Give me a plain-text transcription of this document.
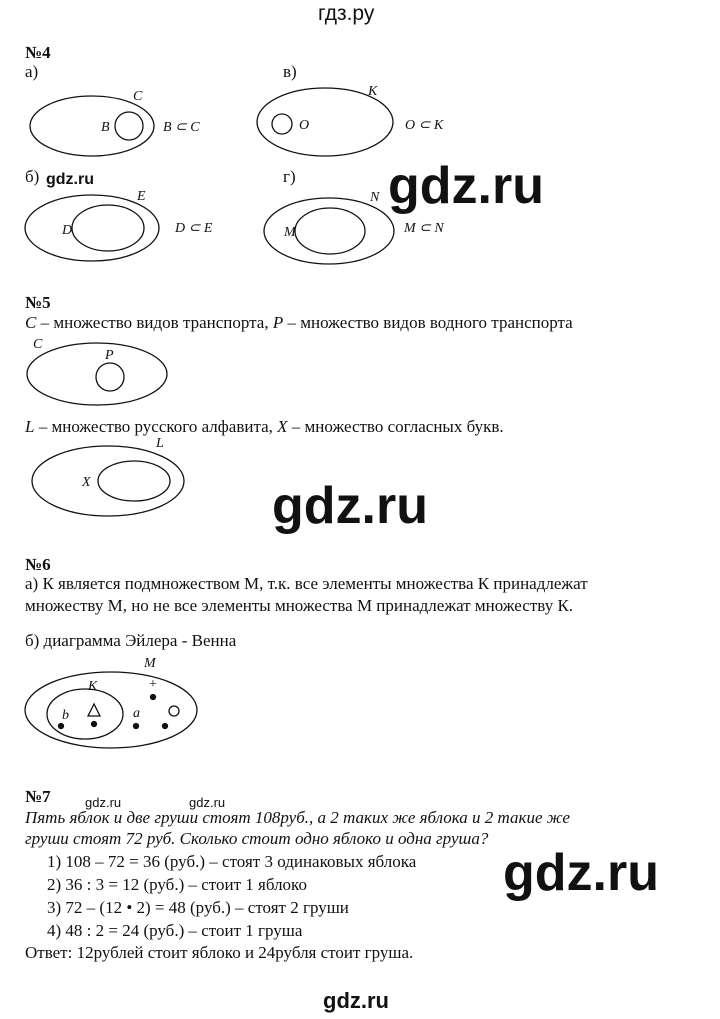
гдз.ру
№4
а)	в)
б)	г)
C
B	B ⊂ C
K
O	O ⊂ K
E
D	D ⊂ E
N
M	M ⊂ N
C
P
L
X
M
K
b	a
+
gdz.ru	gdz.ru
№5
C – множество видов транспорта, P – множество видов водного транспорта
L – множество русского алфавита, X – множество согласных букв.
gdz.ru
№6
а) К является подмножеством М, т.к. все элементы множества К принадлежат
множеству М, но не все элементы множества М принадлежат множеству К.
б) диаграмма Эйлера - Венна
№7	gdz.ru	gdz.ru
Пять яблок и две груши стоят 108руб., а 2 таких же яблока и 2 такие же
груши стоят 72 руб. Сколько стоит одно яблоко и одна груша?
1) 108 – 72 = 36 (руб.) – стоят 3 одинаковых яблока
2) 36 : 3 = 12 (руб.) – стоит 1 яблоко
3) 72 – (12 • 2) = 48 (руб.) – стоят 2 груши
4) 48 : 2 = 24 (руб.) – стоит 1 груша
Ответ: 12рублей стоит яблоко и 24рубля стоит груша.
gdz.ru
gdz.ru
